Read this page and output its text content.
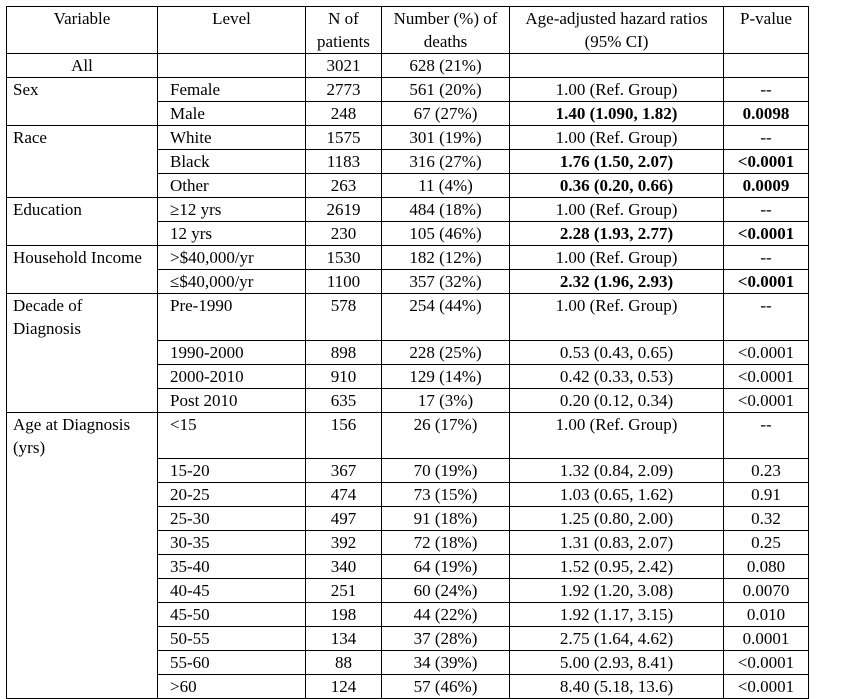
Variable	Level	N of patients	Number (%) of deaths	Age-adjusted hazard ratios (95% CI)	P-value
All		3021	628 (21%)		
Sex	Female	2773	561 (20%)	1.00 (Ref. Group)	--
	Male	248	67 (27%)	1.40 (1.090, 1.82)	0.0098
Race	White	1575	301 (19%)	1.00 (Ref. Group)	--
	Black	1183	316 (27%)	1.76 (1.50, 2.07)	<0.0001
	Other	263	11 (4%)	0.36 (0.20, 0.66)	0.0009
Education	≥12 yrs	2619	484 (18%)	1.00 (Ref. Group)	--
	12 yrs	230	105 (46%)	2.28 (1.93, 2.77)	<0.0001
Household Income	>$40,000/yr	1530	182 (12%)	1.00 (Ref. Group)	--
	≤$40,000/yr	1100	357 (32%)	2.32 (1.96, 2.93)	<0.0001
Decade of Diagnosis	Pre-1990	578	254 (44%)	1.00 (Ref. Group)	--
	1990-2000	898	228 (25%)	0.53 (0.43, 0.65)	<0.0001
	2000-2010	910	129 (14%)	0.42 (0.33, 0.53)	<0.0001
	Post 2010	635	17 (3%)	0.20 (0.12, 0.34)	<0.0001
Age at Diagnosis (yrs)	<15	156	26 (17%)	1.00 (Ref. Group)	--
	15-20	367	70 (19%)	1.32 (0.84, 2.09)	0.23
	20-25	474	73 (15%)	1.03 (0.65, 1.62)	0.91
	25-30	497	91 (18%)	1.25 (0.80, 2.00)	0.32
	30-35	392	72 (18%)	1.31 (0.83, 2.07)	0.25
	35-40	340	64 (19%)	1.52 (0.95, 2.42)	0.080
	40-45	251	60 (24%)	1.92 (1.20, 3.08)	0.0070
	45-50	198	44 (22%)	1.92 (1.17, 3.15)	0.010
	50-55	134	37 (28%)	2.75 (1.64, 4.62)	0.0001
	55-60	88	34 (39%)	5.00 (2.93, 8.41)	<0.0001
	>60	124	57 (46%)	8.40 (5.18, 13.6)	<0.0001
